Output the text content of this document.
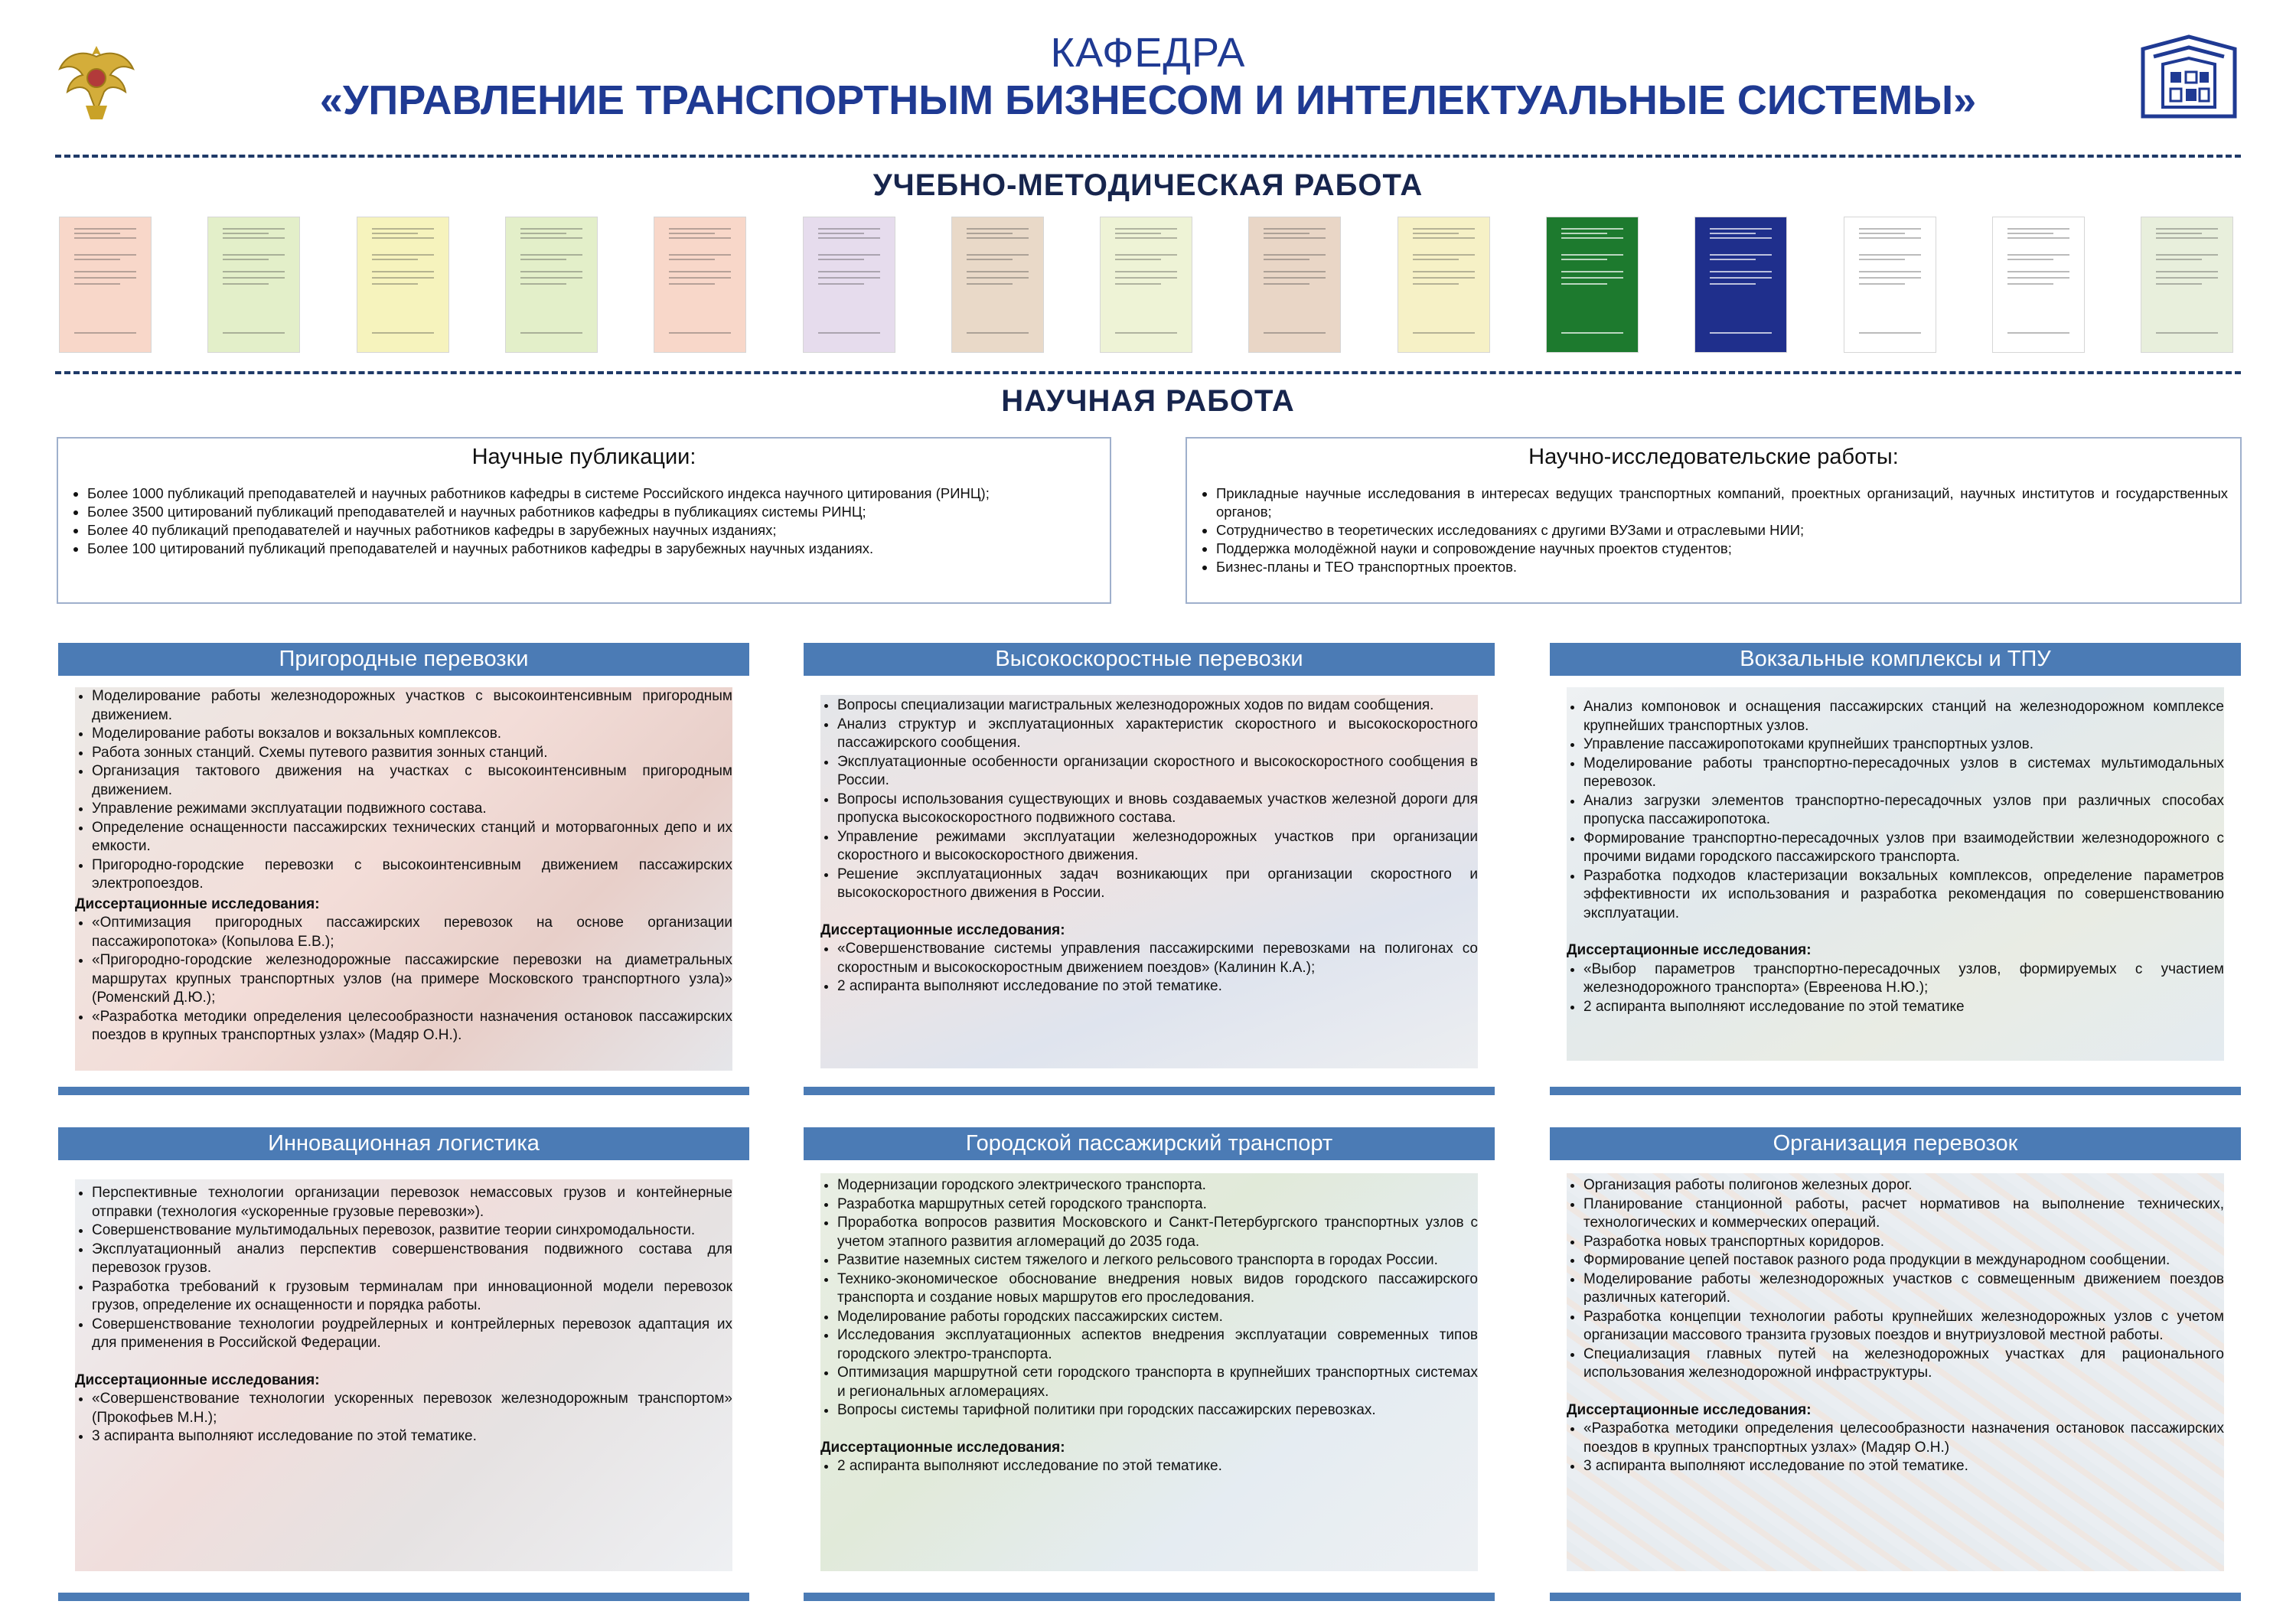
КАФЕДРА
«УПРАВЛЕНИЕ ТРАНСПОРТНЫМ БИЗНЕСОМ И ИНТЕЛЕКТУАЛЬНЫЕ СИСТЕМЫ»
УЧЕБНО-МЕТОДИЧЕСКАЯ РАБОТА
НАУЧНАЯ РАБОТА
Научные публикации:
• Более 1000 публикаций преподавателей и научных работников кафедры в системе Российского индекса научного цитирования (РИНЦ);
• Более 3500 цитирований публикаций преподавателей и научных работников кафедры в публикациях системы РИНЦ;
• Более 40 публикаций преподавателей и научных работников кафедры в зарубежных научных изданиях;
• Более 100 цитирований публикаций преподавателей и научных работников кафедры в зарубежных научных изданиях.
Научно-исследовательские работы:
• Прикладные научные исследования в интересах ведущих транспортных компаний, проектных организаций, научных институтов и государственных органов;
• Сотрудничество в теоретических исследованиях с другими ВУЗами и отраслевыми НИИ;
• Поддержка молодёжной науки и сопровождение научных проектов студентов;
• Бизнес-планы и ТЕО транспортных проектов.
Пригородные перевозки
• Моделирование работы железнодорожных участков с высокоинтенсивным пригородным движением.
• Моделирование работы вокзалов и вокзальных комплексов.
• Работа зонных станций. Схемы путевого развития зонных станций.
• Организация тактового движения на участках с высокоинтенсивным пригородным движением.
• Управление режимами эксплуатации подвижного состава.
• Определение оснащенности пассажирских технических станций и моторвагонных депо и их емкости.
• Пригородно-городские перевозки с высокоинтенсивным движением пассажирских электропоездов.
Диссертационные исследования:
• «Оптимизация пригородных пассажирских перевозок на основе организации пассажиропотока» (Копылова Е.В.);
• «Пригородно-городские железнодорожные пассажирские перевозки на диаметральных маршрутах крупных транспортных узлов (на примере Московского транспортного узла)» (Роменский Д.Ю.);
• «Разработка методики определения целесообразности назначения остановок пассажирских поездов в крупных транспортных узлах» (Мадяр О.Н.).
Высокоскоростные перевозки
• Вопросы специализации магистральных железнодорожных ходов по видам сообщения.
• Анализ структур и эксплуатационных характеристик скоростного и высокоскоростного пассажирского сообщения.
• Эксплуатационные особенности организации скоростного и высокоскоростного сообщения в России.
• Вопросы использования существующих и вновь создаваемых участков железной дороги для пропуска высокоскоростного подвижного состава.
• Управление режимами эксплуатации железнодорожных участков при организации скоростного и высокоскоростного движения.
• Решение эксплуатационных задач возникающих при организации скоростного и высокоскоростного движения в России.
Диссертационные исследования:
• «Совершенствование системы управления пассажирскими перевозками на полигонах со скоростным и высокоскоростным движением поездов» (Калинин К.А.);
• 2 аспиранта выполняют исследование по этой тематике.
Вокзальные комплексы и ТПУ
• Анализ компоновок и оснащения пассажирских станций на железнодорожном комплексе крупнейших транспортных узлов.
• Управление пассажиропотоками крупнейших транспортных узлов.
• Моделирование работы транспортно-пересадочных узлов в системах мультимодальных перевозок.
• Анализ загрузки элементов транспортно-пересадочных узлов при различных способах пропуска пассажиропотока.
• Формирование транспортно-пересадочных узлов при взаимодействии железнодорожного с прочими видами городского пассажирского транспорта.
• Разработка подходов кластеризации вокзальных комплексов, определение параметров эффективности их использования и разработка рекомендация по совершенствованию эксплуатации.
Диссертационные исследования:
• «Выбор параметров транспортно-пересадочных узлов, формируемых с участием железнодорожного транспорта» (Евреенова Н.Ю.);
• 2 аспиранта выполняют исследование по этой тематике
Инновационная логистика
• Перспективные технологии организации перевозок немассовых грузов и контейнерные отправки (технология «ускоренные грузовые перевозки»).
• Совершенствование мультимодальных перевозок, развитие теории синхромодальности.
• Эксплуатационный анализ перспектив совершенствования подвижного состава для перевозок грузов.
• Разработка требований к грузовым терминалам при инновационной модели перевозок грузов, определение их оснащенности и порядка работы.
• Совершенствование технологии роудрейлерных и контрейлерных перевозок адаптация их для применения в Российской Федерации.
Диссертационные исследования:
• «Совершенствование технологии ускоренных перевозок железнодорожным транспортом» (Прокофьев М.Н.);
• 3 аспиранта выполняют исследование по этой тематике.
Городской пассажирский транспорт
• Модернизации городского электрического транспорта.
• Разработка маршрутных сетей городского транспорта.
• Проработка вопросов развития Московского и Санкт-Петербургского транспортных узлов с учетом этапного развития агломераций до 2035 года.
• Развитие наземных систем тяжелого и легкого рельсового транспорта в городах России.
• Технико-экономическое обоснование внедрения новых видов городского пассажирского транспорта и создание новых маршрутов его проследования.
• Моделирование работы городских пассажирских систем.
• Исследования эксплуатационных аспектов внедрения эксплуатации современных типов городского электро-транспорта.
• Оптимизация маршрутной сети городского транспорта в крупнейших транспортных системах и региональных агломерациях.
• Вопросы системы тарифной политики при городских пассажирских перевозках.
Диссертационные исследования:
• 2 аспиранта выполняют исследование по этой тематике.
Организация перевозок
• Организация работы полигонов железных дорог.
• Планирование станционной работы, расчет нормативов на выполнение технических, технологических и коммерческих операций.
• Разработка новых транспортных коридоров.
• Формирование цепей поставок разного рода продукции в международном сообщении.
• Моделирование работы железнодорожных участков с совмещенным движением поездов различных категорий.
• Разработка концепции технологии работы крупнейших железнодорожных узлов с учетом организации массового транзита грузовых поездов и внутриузловой местной работы.
• Специализация главных путей на железнодорожных участках для рационального использования железнодорожной инфраструктуры.
Диссертационные исследования:
• «Разработка методики определения целесообразности назначения остановок пассажирских поездов в крупных транспортных узлах» (Мадяр О.Н.)
• 3 аспиранта выполняют исследование по этой тематике.
